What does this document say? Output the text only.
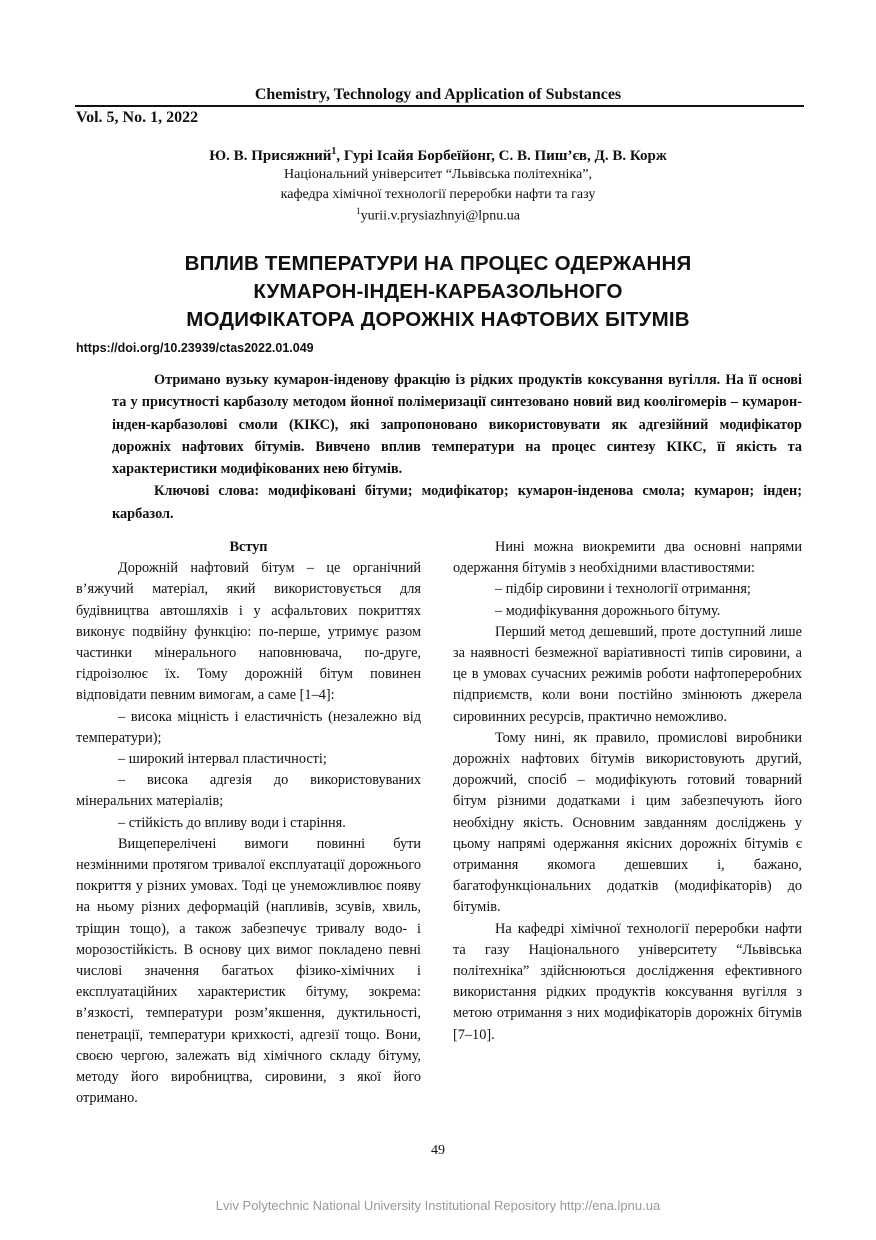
Chemistry, Technology and Application of Substances
Vol. 5, No. 1, 2022
Ю. В. Присяжний$^1$, Гурі Ісайя Борбеїйонг, С. В. Пиш’єв, Д. В. Корж
Національний університет “Львівська політехніка”,
кафедра хімічної технології переробки нафти та газу
$^1$yurii.v.prysiazhnyi@lpnu.ua
ВПЛИВ ТЕМПЕРАТУРИ НА ПРОЦЕС ОДЕРЖАННЯ
КУМАРОН-ІНДЕН-КАРБАЗОЛЬНОГО
МОДИФІКАТОРА ДОРОЖНІХ НАФТОВИХ БІТУМІВ
https://doi.org/10.23939/ctas2022.01.049

Отримано вузьку кумарон-інденову фракцію із рідких продуктів коксування вугілля. На її основі та у присутності карбазолу методом йонної полімеризації синтезовано новий вид коолігомерів – кумарон-інден-карбазолові смоли (КІКС), які запропоновано використовувати як адгезійний модифікатор дорожніх нафтових бітумів. Вивчено вплив температури на процес синтезу КІКС, її якість та характеристики модифікованих нею бітумів.

Ключові слова: модифіковані бітуми; модифікатор; кумарон-інденова смола; кумарон; інден; карбазол.

Вступ

Дорожній нафтовий бітум – це органічний в’яжучий матеріал, який використовується для будівництва автошляхів і у асфальтових покриттях виконує подвійну функцію: по-перше, утримує разом частинки мінерального наповнювача, по-друге, гідроізолює їх. Тому дорожній бітум повинен відповідати певним вимогам, а саме [1–4]:

– висока міцність і еластичність (незалежно від температури);

– широкий інтервал пластичності;

– висока адгезія до використовуваних мінеральних матеріалів;

– стійкість до впливу води і старіння.

Вищеперелічені вимоги повинні бути незмінними протягом тривалої експлуатації дорожнього покриття у різних умовах. Тоді це унеможливлює появу на ньому різних деформацій (напливів, зсувів, хвиль, тріщин тощо), а також забезпечує тривалу водо- і морозостійкість. В основу цих вимог покладено певні числові значення багатьох фізико-хімічних і експлуатаційних характеристик бітуму, зокрема: в’язкості, температури розм’якшення, дуктильності, пенетрації, температури крихкості, адгезії тощо. Вони, своєю чергою, залежать від хімічного складу бітуму, методу його виробництва, сировини, з якої його отримано.

Нині можна виокремити два основні напрями одержання бітумів з необхідними властивостями:

– підбір сировини і технології отримання;

– модифікування дорожнього бітуму.

Перший метод дешевший, проте доступний лише за наявності безмежної варіативності типів сировини, а це в умовах сучасних режимів роботи нафтопереробних підприємств, коли вони постійно змінюють джерела сировинних ресурсів, практично неможливо.

Тому нині, як правило, промислові виробники дорожніх нафтових бітумів використовують другий, дорожчий, спосіб – модифікують готовий товарний бітум різними додатками і цим забезпечують його необхідну якість. Основним завданням досліджень у цьому напрямі одержання якісних дорожніх бітумів є отримання якомога дешевших і, бажано, багатофункціональних додатків (модифікаторів) до бітумів.

На кафедрі хімічної технології переробки нафти та газу Національного університету “Львівська політехніка” здійснюються дослідження ефективного використання рідких продуктів коксування вугілля з метою отримання з них модифікаторів дорожніх бітумів [7–10].

49
Lviv Polytechnic National University Institutional Repository http://ena.lpnu.ua
